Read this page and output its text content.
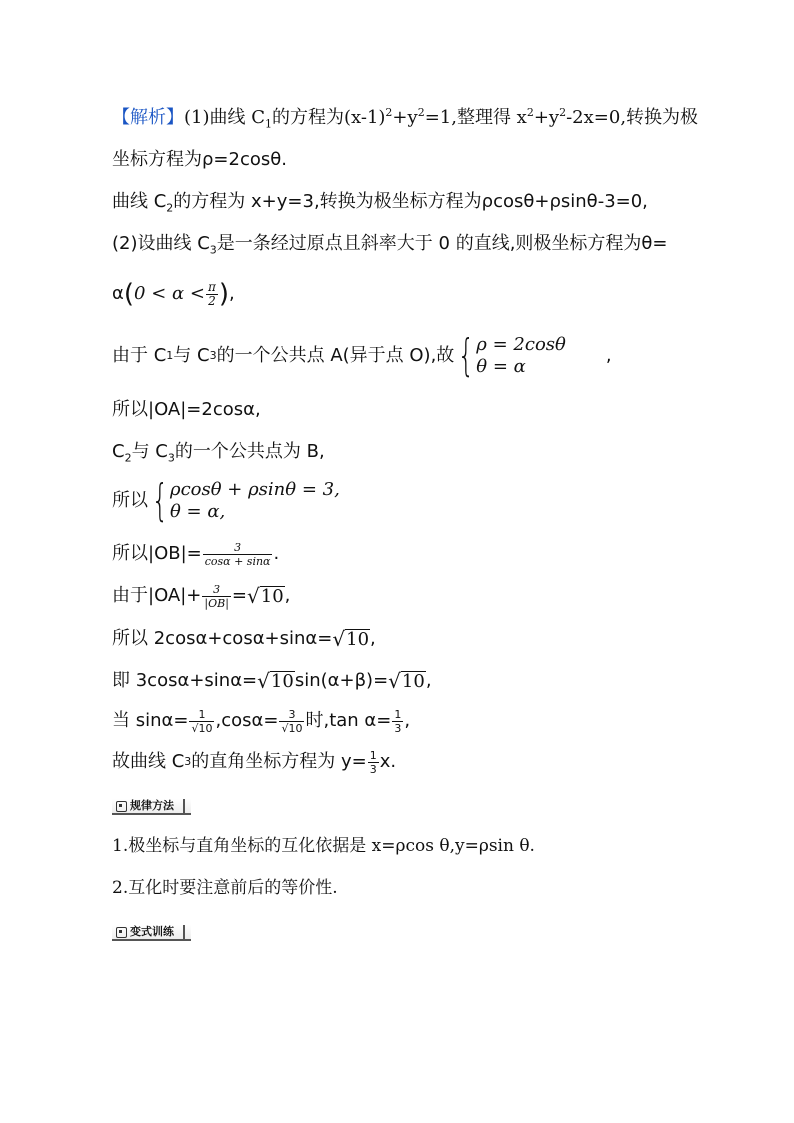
【解析】(1)曲线 $C_1$的方程为$(x-1)^2+y^2=1$,整理得 $x^2+y^2-2x=0$,转换为极
坐标方程为ρ=2cosθ.
曲线 $C_2$的方程为 x+y=3,转换为极坐标方程为ρcosθ+ρsinθ-3=0,
(2)设曲线 $C_3$是一条经过原点且斜率大于 0 的直线,则极坐标方程为θ=
α ( $0 < \alpha < \frac{\pi}{2}$ ) ,
由于 C 1 与 C 3 的一个公共点 A(异于点 O),故 { ρ = 2cosθ
θ = α
,
所以|OA|=2cosα,
$C_2$与 $C_3$的一个公共点为 B,
所以 { ρcosθ + ρsinθ = 3,
θ = α,
所以$|OB|= \frac{3}{\cos\alpha + \sin\alpha}$ .
由于$|OA|+ \frac{3}{|OB|}$ = √ 10 ,
所以 2cosα+cosα+sinα= √ 10 ,
即 3cosα+sinα= √ 10 sin(α+β)= √ 10 ,
当 $\sin\alpha= \frac{1}{√10} ,\cos\alpha= \frac{3}{√10}$ 时,tan $\alpha= \frac{1}{3}$ ,
故曲线 C 3 的直角坐标方程为 $y= \frac{1}{3} x$.
规律方法
1.极坐标与直角坐标的互化依据是 x=ρcos θ,y=ρsin θ.
2.互化时要注意前后的等价性.
变式训练
